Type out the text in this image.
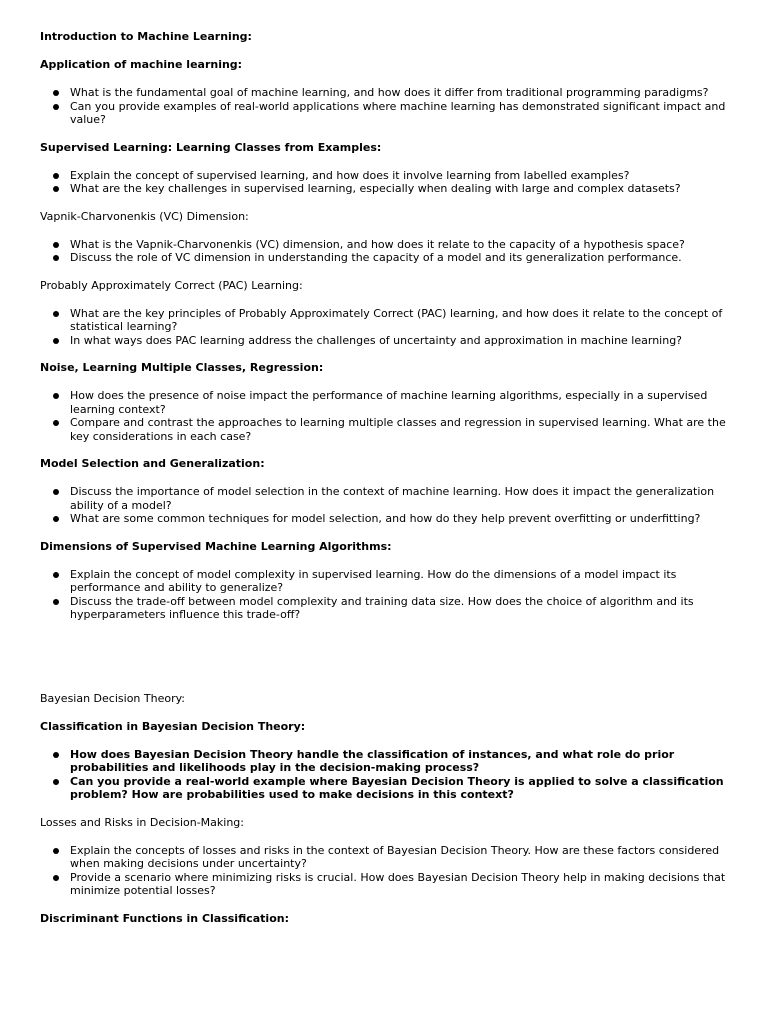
Introduction to Machine Learning:

Application of machine learning:

What is the fundamental goal of machine learning, and how does it differ from traditional programming paradigms?
Can you provide examples of real-world applications where machine learning has demonstrated significant impact and value?

Supervised Learning: Learning Classes from Examples:

Explain the concept of supervised learning, and how does it involve learning from labelled examples?
What are the key challenges in supervised learning, especially when dealing with large and complex datasets?

Vapnik-Charvonenkis (VC) Dimension:

What is the Vapnik-Charvonenkis (VC) dimension, and how does it relate to the capacity of a hypothesis space?
Discuss the role of VC dimension in understanding the capacity of a model and its generalization performance.

Probably Approximately Correct (PAC) Learning:

What are the key principles of Probably Approximately Correct (PAC) learning, and how does it relate to the concept of statistical learning?
In what ways does PAC learning address the challenges of uncertainty and approximation in machine learning?

Noise, Learning Multiple Classes, Regression:

How does the presence of noise impact the performance of machine learning algorithms, especially in a supervised learning context?
Compare and contrast the approaches to learning multiple classes and regression in supervised learning. What are the key considerations in each case?

Model Selection and Generalization:

Discuss the importance of model selection in the context of machine learning. How does it impact the generalization ability of a model?
What are some common techniques for model selection, and how do they help prevent overfitting or underfitting?

Dimensions of Supervised Machine Learning Algorithms:

Explain the concept of model complexity in supervised learning. How do the dimensions of a model impact its performance and ability to generalize?
Discuss the trade-off between model complexity and training data size. How does the choice of algorithm and its hyperparameters influence this trade-off?

Bayesian Decision Theory:

Classification in Bayesian Decision Theory:

How does Bayesian Decision Theory handle the classification of instances, and what role do prior probabilities and likelihoods play in the decision-making process?
Can you provide a real-world example where Bayesian Decision Theory is applied to solve a classification problem? How are probabilities used to make decisions in this context?

Losses and Risks in Decision-Making:

Explain the concepts of losses and risks in the context of Bayesian Decision Theory. How are these factors considered when making decisions under uncertainty?
Provide a scenario where minimizing risks is crucial. How does Bayesian Decision Theory help in making decisions that minimize potential losses?

Discriminant Functions in Classification:
